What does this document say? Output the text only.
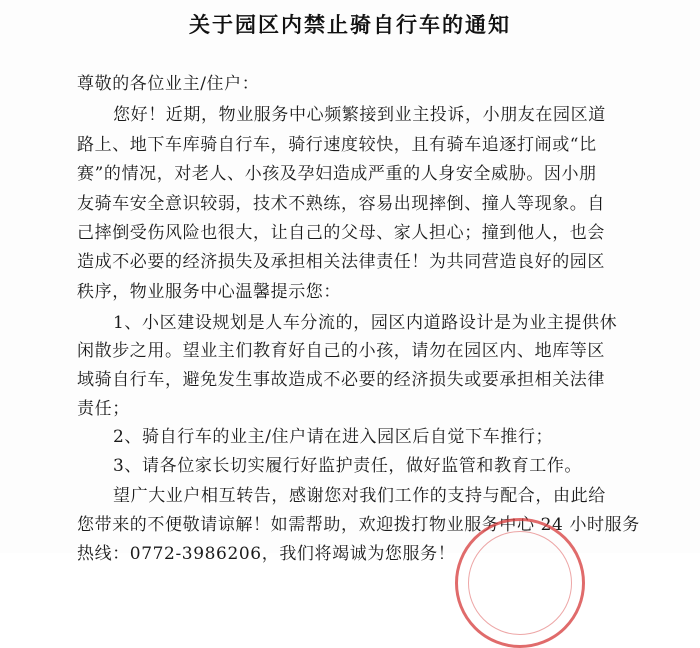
关于园区内禁止骑自行车的通知
尊敬的各位业主/住户：
您好！近期，物业服务中心频繁接到业主投诉，小朋友在园区道
路上、地下车库骑自行车，骑行速度较快，且有骑车追逐打闹或“比
赛”的情况，对老人、小孩及孕妇造成严重的人身安全威胁。因小朋
友骑车安全意识较弱，技术不熟练，容易出现摔倒、撞人等现象。自
己摔倒受伤风险也很大，让自己的父母、家人担心；撞到他人，也会
造成不必要的经济损失及承担相关法律责任！为共同营造良好的园区
秩序，物业服务中心温馨提示您：
1、小区建设规划是人车分流的，园区内道路设计是为业主提供休
闲散步之用。望业主们教育好自己的小孩，请勿在园区内、地库等区
域骑自行车，避免发生事故造成不必要的经济损失或要承担相关法律
责任；
2、骑自行车的业主/住户请在进入园区后自觉下车推行；
3、请各位家长切实履行好监护责任，做好监管和教育工作。
望广大业户相互转告，感谢您对我们工作的支持与配合，由此给
您带来的不便敬请谅解！如需帮助，欢迎拨打物业服务中心 24 小时服务
热线：0772-3986206，我们将竭诚为您服务！
